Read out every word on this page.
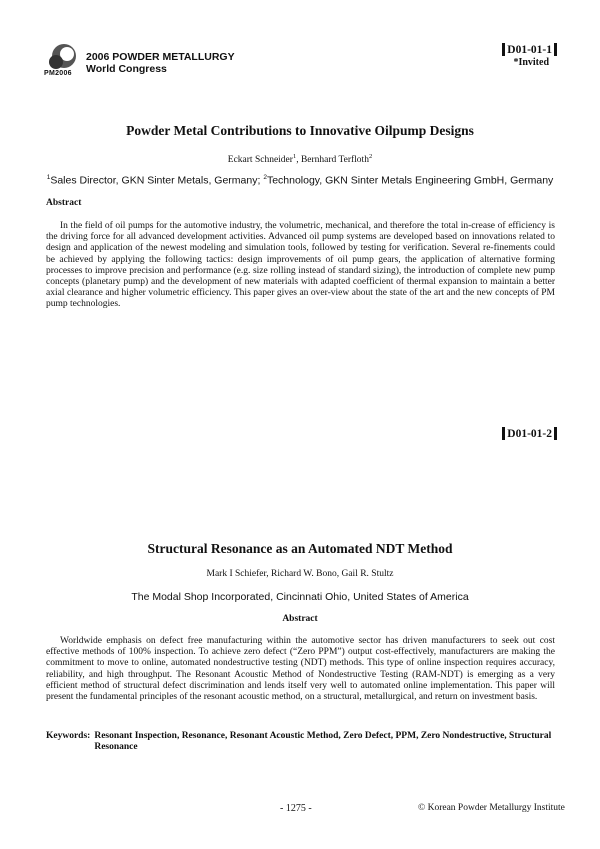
2006 POWDER METALLURGY
World Congress
PM2006
D01-01-1
*Invited
Powder Metal Contributions to Innovative Oilpump Designs
Eckart Schneider$^1$, Bernhard Terfloth$^2$
$^1$Sales Director, GKN Sinter Metals, Germany; $^2$Technology, GKN Sinter Metals Engineering GmbH, Germany
Abstract
In the field of oil pumps for the automotive industry, the volumetric, mechanical, and therefore the total in-crease of efficiency is the driving force for all advanced development activities. Advanced oil pump systems are developed based on innovations related to design and application of the newest modeling and simulation tools, followed by testing for verification. Several re-finements could be achieved by applying the following tactics: design improvements of oil pump gears, the application of alternative forming processes to improve precision and performance (e.g. size rolling instead of standard sizing), the introduction of complete new pump concepts (planetary pump) and the development of new materials with adapted coefficient of thermal expansion to maintain a better axial clearance and higher volumetric efficiency. This paper gives an over-view about the state of the art and the new concepts of PM pump technologies.
D01-01-2
Structural Resonance as an Automated NDT Method
Mark I Schiefer, Richard W. Bono, Gail R. Stultz
The Modal Shop Incorporated, Cincinnati Ohio, United States of America
Abstract
Worldwide emphasis on defect free manufacturing within the automotive sector has driven manufacturers to seek out cost effective methods of 100% inspection. To achieve zero defect (“Zero PPM”) output cost-effectively, manufacturers are making the commitment to move to online, automated nondestructive testing (NDT) methods. This type of online inspection requires accuracy, reliability, and high throughput. The Resonant Acoustic Method of Nondestructive Testing (RAM-NDT) is emerging as a very efficient method of structural defect discrimination and lends itself very well to automated online implementation. This paper will present the fundamental principles of the resonant acoustic method, on a structural, metallurgical, and return on investment basis.
Keywords: Resonant Inspection, Resonance, Resonant Acoustic Method, Zero Defect, PPM, Zero Nondestructive, Structural Resonance
- 1275 -	© Korean Powder Metallurgy Institute
